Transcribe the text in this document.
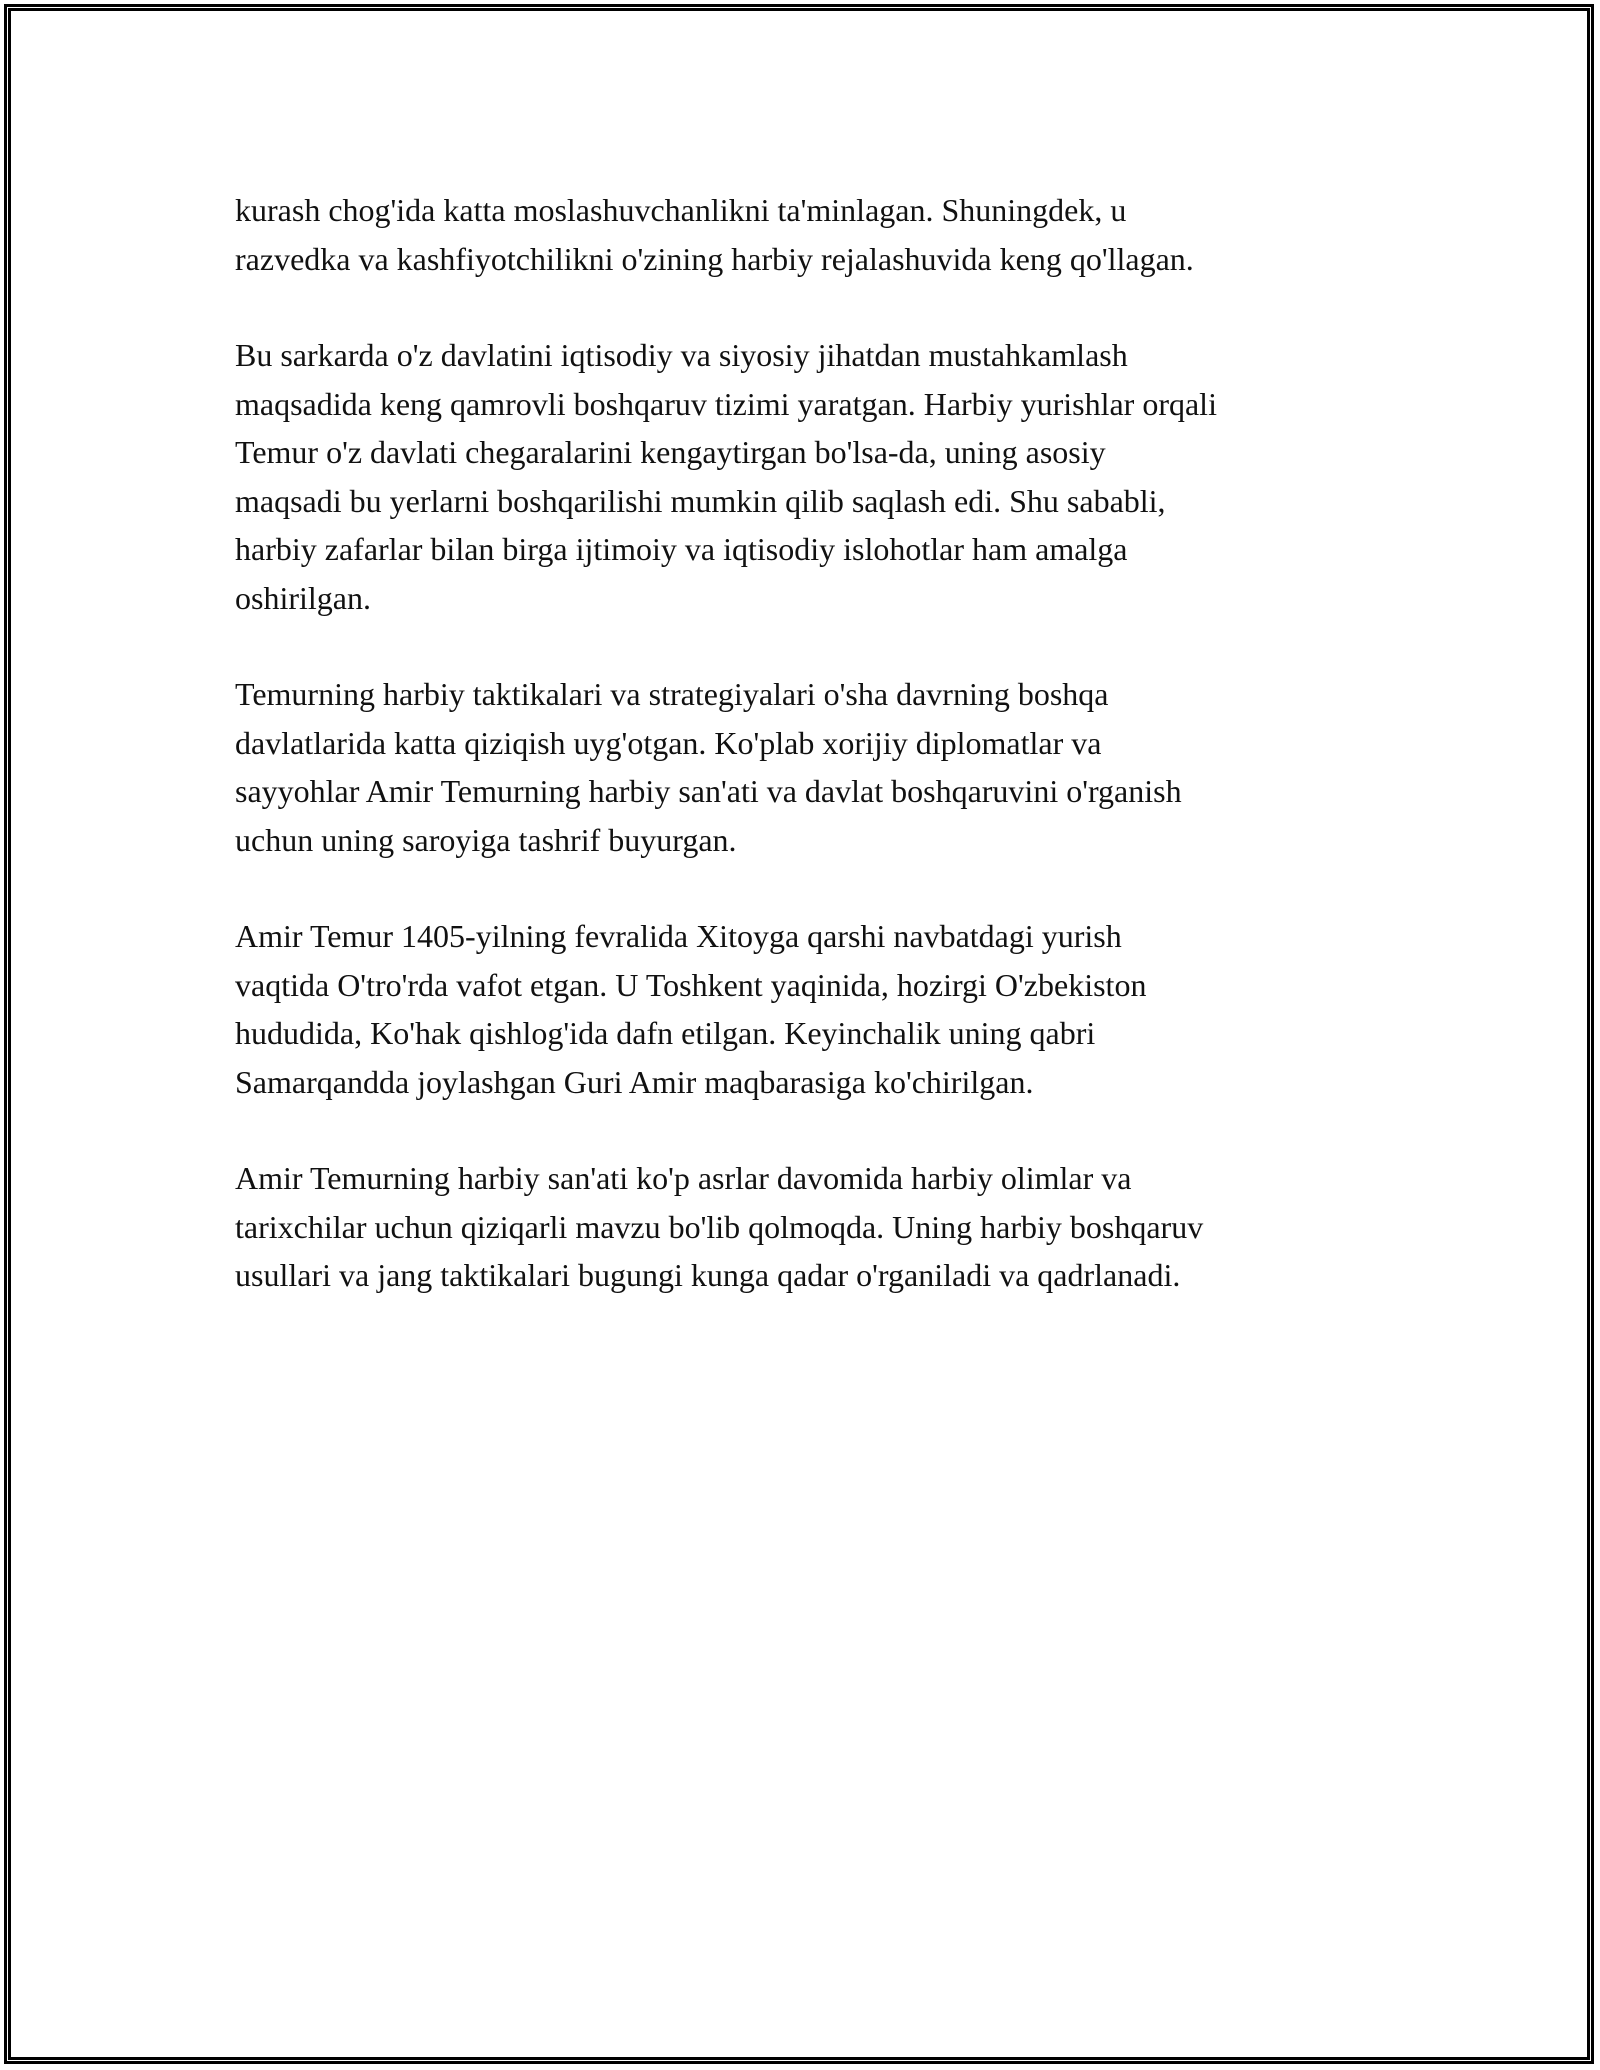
kurash chog'ida katta moslashuvchanlikni ta'minlagan. Shuningdek, u
razvedka va kashfiyotchilikni o'zining harbiy rejalashuvida keng qo'llagan.

Bu sarkarda o'z davlatini iqtisodiy va siyosiy jihatdan mustahkamlash
maqsadida keng qamrovli boshqaruv tizimi yaratgan. Harbiy yurishlar orqali
Temur o'z davlati chegaralarini kengaytirgan bo'lsa-da, uning asosiy
maqsadi bu yerlarni boshqarilishi mumkin qilib saqlash edi. Shu sababli,
harbiy zafarlar bilan birga ijtimoiy va iqtisodiy islohotlar ham amalga
oshirilgan.

Temurning harbiy taktikalari va strategiyalari o'sha davrning boshqa
davlatlarida katta qiziqish uyg'otgan. Ko'plab xorijiy diplomatlar va
sayyohlar Amir Temurning harbiy san'ati va davlat boshqaruvini o'rganish
uchun uning saroyiga tashrif buyurgan.

Amir Temur 1405-yilning fevralida Xitoyga qarshi navbatdagi yurish
vaqtida O'tro'rda vafot etgan. U Toshkent yaqinida, hozirgi O'zbekiston
hududida, Ko'hak qishlog'ida dafn etilgan. Keyinchalik uning qabri
Samarqandda joylashgan Guri Amir maqbarasiga ko'chirilgan.

Amir Temurning harbiy san'ati ko'p asrlar davomida harbiy olimlar va
tarixchilar uchun qiziqarli mavzu bo'lib qolmoqda. Uning harbiy boshqaruv
usullari va jang taktikalari bugungi kunga qadar o'rganiladi va qadrlanadi.
